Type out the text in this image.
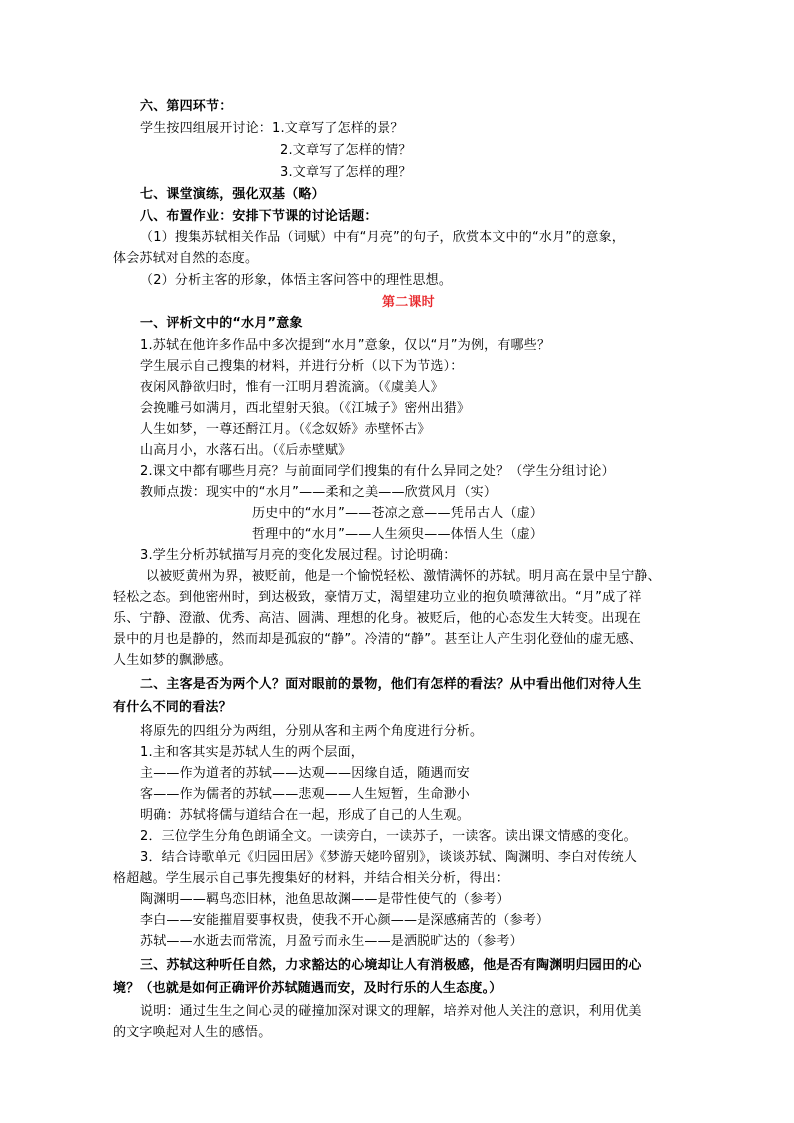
六、第四环节：
学生按四组展开讨论：1.文章写了怎样的景？
2.文章写了怎样的情？
3.文章写了怎样的理？
七、课堂演练，强化双基（略）
八、布置作业：安排下节课的讨论话题：
（1）搜集苏轼相关作品（词赋）中有“月亮”的句子，欣赏本文中的“水月”的意象，
体会苏轼对自然的态度。
（2）分析主客的形象，体悟主客问答中的理性思想。
第二课时
一、评析文中的“水月”意象
1.苏轼在他许多作品中多次提到“水月”意象，仅以“月”为例，有哪些？
学生展示自己搜集的材料，并进行分析（以下为节选）：
夜闲风静欲归时，惟有一江明月碧流滴。（《虞美人》
会挽雕弓如满月，西北望射天狼。（《江城子》密州出猎》
人生如梦，一尊还酹江月。（《念奴娇》赤壁怀古》
山高月小，水落石出。（《后赤壁赋》
2.课文中都有哪些月亮？与前面同学们搜集的有什么异同之处？（学生分组讨论）
教师点拨：现实中的“水月”——柔和之美——欣赏风月（实）
历史中的“水月”——苍凉之意——凭吊古人（虚）
哲理中的“水月”——人生须臾——体悟人生（虚）
3.学生分析苏轼描写月亮的变化发展过程。讨论明确：
以被贬黄州为界，被贬前，他是一个愉悦轻松、激情满怀的苏轼。明月高在景中呈宁静、
轻松之态。到他密州时，到达极致，豪情万丈，渴望建功立业的抱负喷薄欲出。“月”成了祥
乐、宁静、澄澈、优秀、高洁、圆满、理想的化身。被贬后，他的心态发生大转变。出现在
景中的月也是静的，然而却是孤寂的“静”。冷清的“静”。甚至让人产生羽化登仙的虚无感、
人生如梦的飘渺感。
二、主客是否为两个人？面对眼前的景物，他们有怎样的看法？从中看出他们对待人生
有什么不同的看法？
将原先的四组分为两组，分别从客和主两个角度进行分析。
1.主和客其实是苏轼人生的两个层面，
主——作为道者的苏轼——达观——因缘自适，随遇而安
客——作为儒者的苏轼——悲观——人生短暂，生命渺小
明确：苏轼将儒与道结合在一起，形成了自己的人生观。
2．三位学生分角色朗诵全文。一读旁白，一读苏子，一读客。读出课文情感的变化。
3．结合诗歌单元《归园田居》《梦游天姥吟留别》，谈谈苏轼、陶渊明、李白对传统人
格超越。学生展示自己事先搜集好的材料，并结合相关分析，得出：
陶渊明——羁鸟恋旧林，池鱼思故渊——是带性使气的（参考）
李白——安能摧眉要事权贵，使我不开心颜——是深感痛苦的（参考）
苏轼——水逝去而常流，月盈亏而永生——是洒脱旷达的（参考）
三、苏轼这种听任自然，力求豁达的心境却让人有消极感，他是否有陶渊明归园田的心
境？（也就是如何正确评价苏轼随遇而安，及时行乐的人生态度。）
说明：通过生生之间心灵的碰撞加深对课文的理解，培养对他人关注的意识，利用优美
的文字唤起对人生的感悟。
